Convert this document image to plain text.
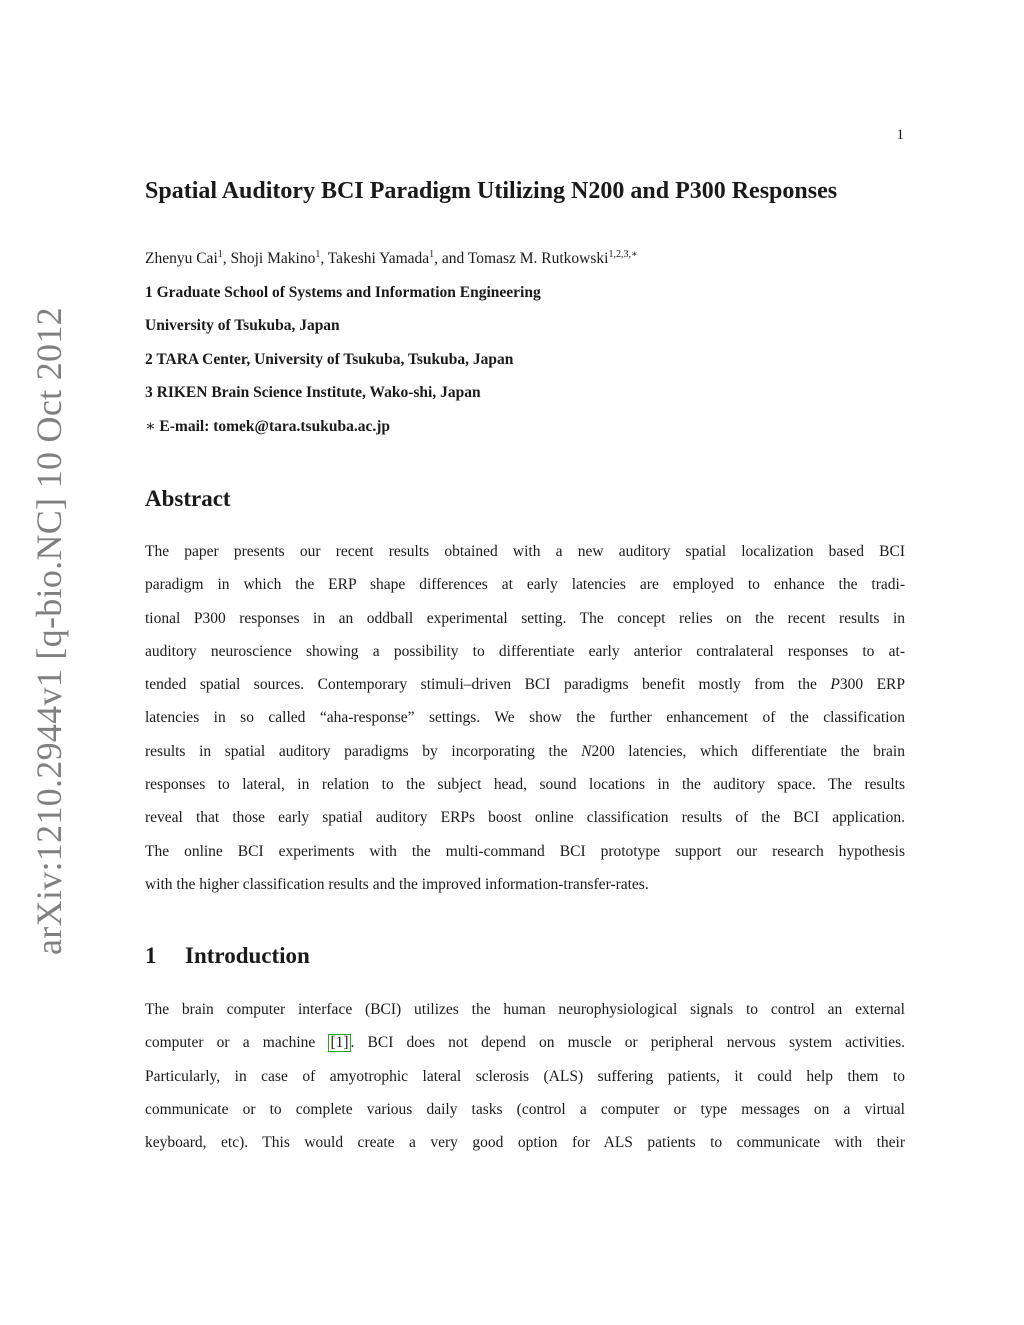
1
arXiv:1210.2944v1 [q-bio.NC] 10 Oct 2012
Spatial Auditory BCI Paradigm Utilizing N200 and P300 Responses
Zhenyu Cai$^1$, Shoji Makino$^1$, Takeshi Yamada$^1$, and Tomasz M. Rutkowski$^{1,2,3,∗}$
1 Graduate School of Systems and Information Engineering
University of Tsukuba, Japan
2 TARA Center, University of Tsukuba, Tsukuba, Japan
3 RIKEN Brain Science Institute, Wako-shi, Japan
∗ E-mail: tomek@tara.tsukuba.ac.jp
Abstract
The paper presents our recent results obtained with a new auditory spatial localization based BCI
paradigm in which the ERP shape differences at early latencies are employed to enhance the tradi-
tional P300 responses in an oddball experimental setting. The concept relies on the recent results in
auditory neuroscience showing a possibility to differentiate early anterior contralateral responses to at-
tended spatial sources. Contemporary stimuli–driven BCI paradigms benefit mostly from the P300 ERP
latencies in so called “aha-response” settings. We show the further enhancement of the classification
results in spatial auditory paradigms by incorporating the N200 latencies, which differentiate the brain
responses to lateral, in relation to the subject head, sound locations in the auditory space. The results
reveal that those early spatial auditory ERPs boost online classification results of the BCI application.
The online BCI experiments with the multi-command BCI prototype support our research hypothesis
with the higher classification results and the improved information-transfer-rates.
1 Introduction
The brain computer interface (BCI) utilizes the human neurophysiological signals to control an external
computer or a machine [1] . BCI does not depend on muscle or peripheral nervous system activities.
Particularly, in case of amyotrophic lateral sclerosis (ALS) suffering patients, it could help them to
communicate or to complete various daily tasks (control a computer or type messages on a virtual
keyboard, etc). This would create a very good option for ALS patients to communicate with their
